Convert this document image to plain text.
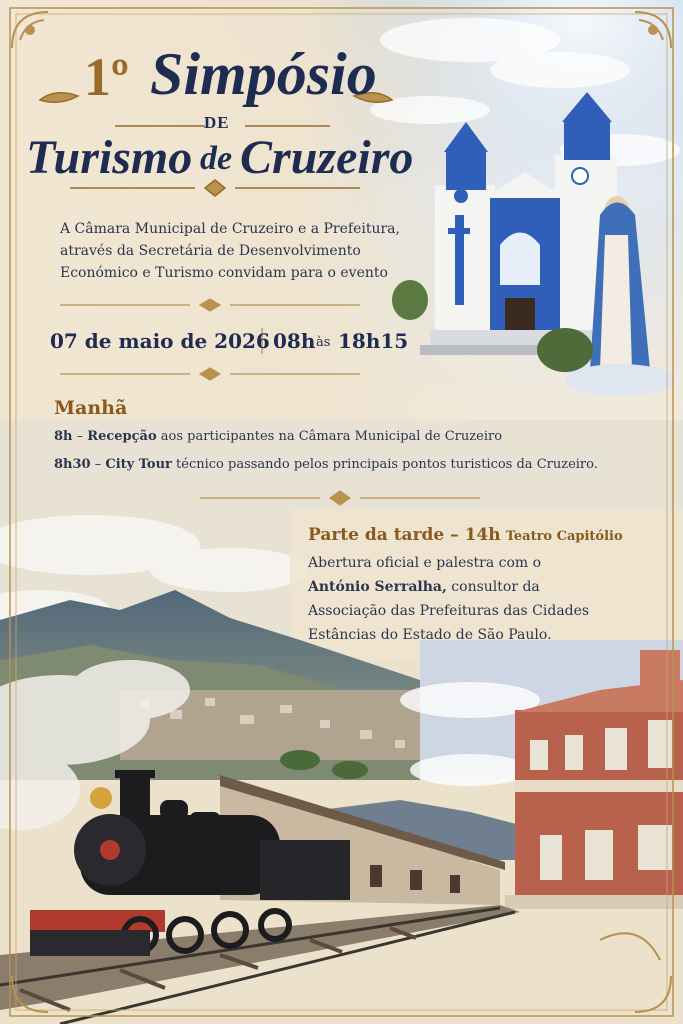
1º Simpósio
DE
Turismo de Cruzeiro
A Câmara Municipal de Cruzeiro e a Prefeitura,
através da Secretária de Desenvolvimento
Económico e Turismo convidam para o evento
07 de maio de 2026 08h às 18h15
Manhã
8h – Recepção aos participantes na Câmara Municipal de Cruzeiro
8h30 – City Tour técnico passando pelos principais pontos turisticos da Cruzeiro.
Parte da tarde – 14h Teatro Capitólio
Abertura oficial e palestra com o
António Serralha, consultor da
Associação das Prefeituras das Cidades
Estâncias do Estado de São Paulo.
